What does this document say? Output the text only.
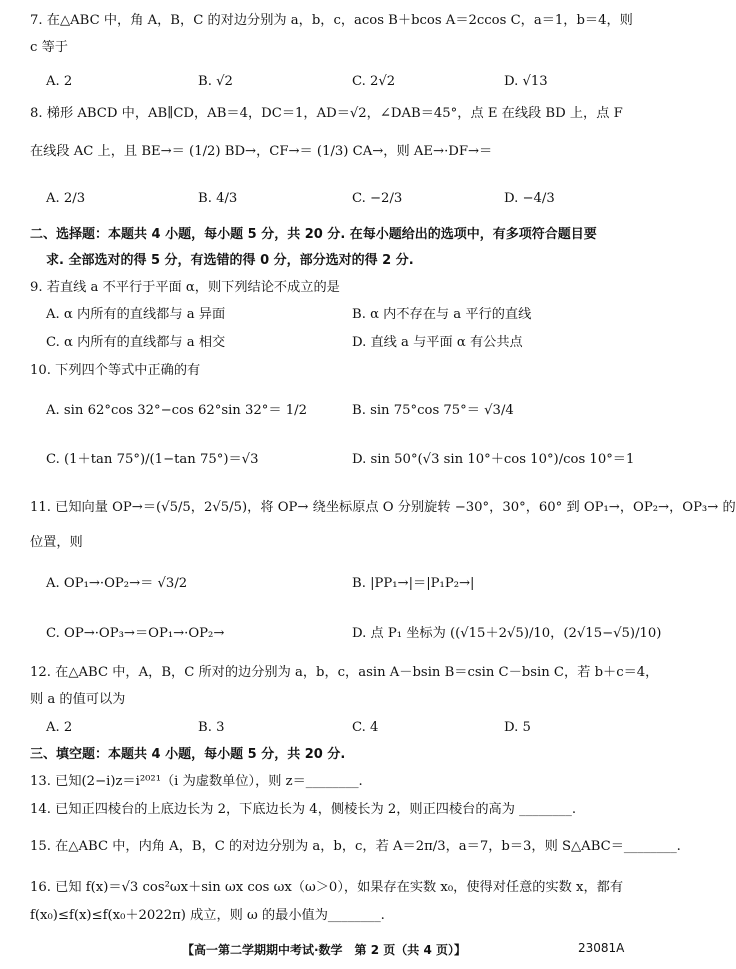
7. 在△ABC 中，角 A，B，C 的对边分别为 a，b，c，acos B＋bcos A＝2ccos C，a＝1，b＝4，则
c 等于
A. 2	B. √2	C. 2√2	D. √13
8. 梯形 ABCD 中，AB∥CD，AB＝4，DC＝1，AD＝√2，∠DAB＝45°，点 E 在线段 BD 上，点 F
在线段 AC 上，且 BE→＝ (1/2) BD→，CF→＝ (1/3) CA→，则 AE→·DF→＝
A. 2/3	B. 4/3	C. −2/3	D. −4/3
二、选择题：本题共 4 小题，每小题 5 分，共 20 分. 在每小题给出的选项中，有多项符合题目要
求. 全部选对的得 5 分，有选错的得 0 分，部分选对的得 2 分.
9. 若直线 a 不平行于平面 α，则下列结论不成立的是
A. α 内所有的直线都与 a 异面	B. α 内不存在与 a 平行的直线
C. α 内所有的直线都与 a 相交	D. 直线 a 与平面 α 有公共点
10. 下列四个等式中正确的有
A. sin 62°cos 32°−cos 62°sin 32°＝ 1/2	B. sin 75°cos 75°＝ √3/4
C. (1＋tan 75°)/(1−tan 75°)＝√3	D. sin 50°(√3 sin 10°＋cos 10°)/cos 10°＝1
11. 已知向量 OP→＝(√5/5，2√5/5)，将 OP→ 绕坐标原点 O 分别旋转 −30°，30°，60° 到 OP₁→，OP₂→，OP₃→ 的
位置，则
A. OP₁→·OP₂→＝ √3/2	B. |PP₁→|＝|P₁P₂→|
C. OP→·OP₃→＝OP₁→·OP₂→	D. 点 P₁ 坐标为 ((√15＋2√5)/10，(2√15−√5)/10)
12. 在△ABC 中，A，B，C 所对的边分别为 a，b，c，asin A－bsin B＝csin C－bsin C，若 b＋c＝4，
则 a 的值可以为
A. 2	B. 3	C. 4	D. 5
三、填空题：本题共 4 小题，每小题 5 分，共 20 分.
13. 已知(2−i)z＝i²⁰²¹（i 为虚数单位），则 z＝________.
14. 已知正四棱台的上底边长为 2，下底边长为 4，侧棱长为 2，则正四棱台的高为 ________.
15. 在△ABC 中，内角 A，B，C 的对边分别为 a，b，c，若 A＝2π/3，a＝7，b＝3，则 S△ABC＝________.
16. 已知 f(x)＝√3 cos²ωx＋sin ωx cos ωx（ω＞0），如果存在实数 x₀，使得对任意的实数 x，都有
f(x₀)≤f(x)≤f(x₀＋2022π) 成立，则 ω 的最小值为________.
【高一第二学期期中考试·数学　第 2 页（共 4 页）】	23081A
